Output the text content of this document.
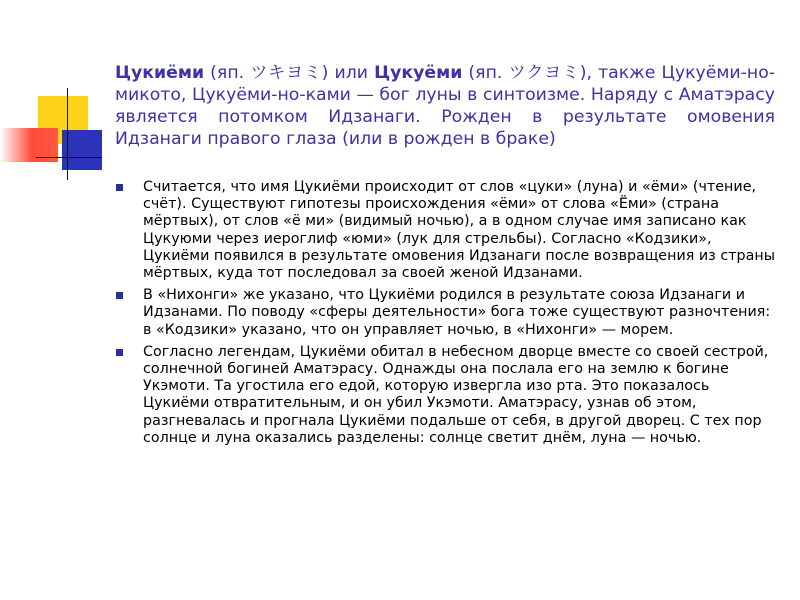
Цукиёми (яп. ツキヨミ) или Цукуёми (яп. ツクヨミ), также Цукуёми-но-микото, Цукуёми-но-ками — бог луны в синтоизме. Наряду с Аматэрасу является потомком Идзанаги. Рожден в результате омовения Идзанаги правого глаза (или в рожден в браке)
Считается, что имя Цукиёми происходит от слов «цуки» (луна) и «ёми» (чтение, счёт). Существуют гипотезы происхождения «ёми» от слова «Ёми» (страна мёртвых), от слов «ё ми» (видимый ночью), а в одном случае имя записано как Цукуюми через иероглиф «юми» (лук для стрельбы). Согласно «Кодзики», Цукиёми появился в результате омовения Идзанаги после возвращения из страны мёртвых, куда тот последовал за своей женой Идзанами.
В «Нихонги» же указано, что Цукиёми родился в результате союза Идзанаги и Идзанами. По поводу «сферы деятельности» бога тоже существуют разночтения: в «Кодзики» указано, что он управляет ночью, в «Нихонги» — морем.
Согласно легендам, Цукиёми обитал в небесном дворце вместе со своей сестрой, солнечной богиней Аматэрасу. Однажды она послала его на землю к богине Укэмоти. Та угостила его едой, которую извергла изо рта. Это показалось Цукиёми отвратительным, и он убил Укэмоти. Аматэрасу, узнав об этом, разгневалась и прогнала Цукиёми подальше от себя, в другой дворец. С тех пор солнце и луна оказались разделены: солнце светит днём, луна — ночью.
